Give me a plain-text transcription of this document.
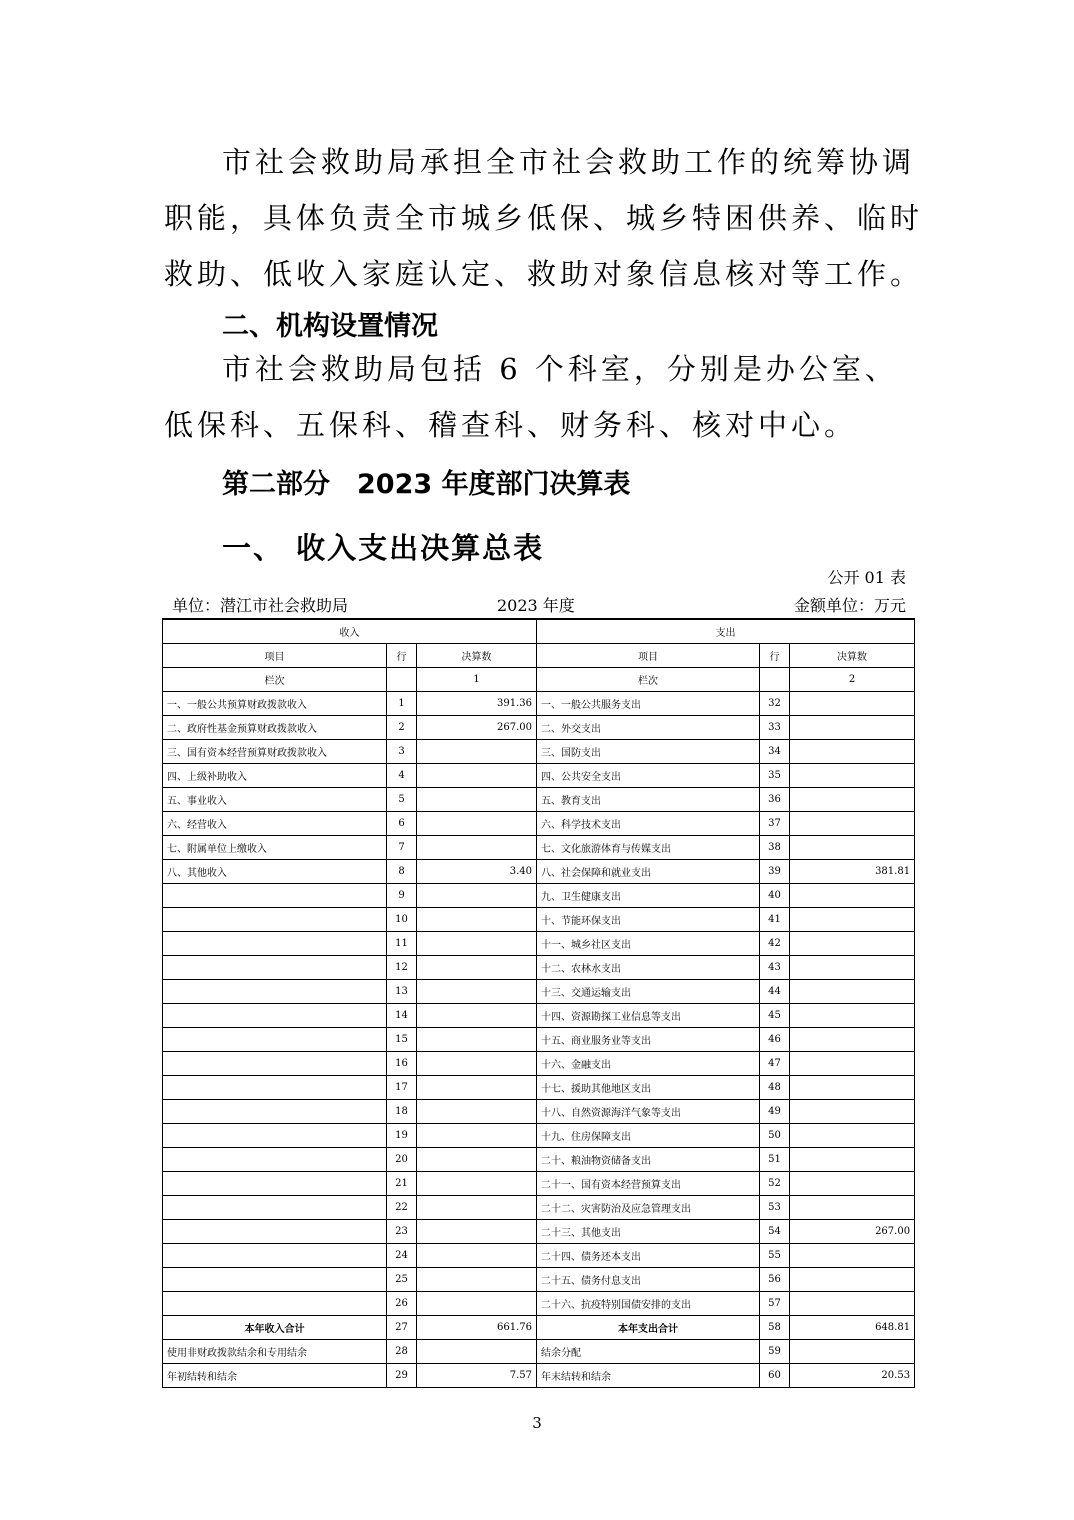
市社会救助局承担全市社会救助工作的统筹协调职能，具体负责全市城乡低保、城乡特困供养、临时救助、低收入家庭认定、救助对象信息核对等工作。
二、机构设置情况
市社会救助局包括 6 个科室，分别是办公室、低保科、五保科、稽查科、财务科、核对中心。
第二部分　2023 年度部门决算表
一、 收入支出决算总表
公开 01 表
单位：潜江市社会救助局	2023 年度	金额单位：万元
收入			支出		
项目	行	决算数	项目	行	决算数
栏次		1	栏次		2
一、一般公共预算财政拨款收入	1	391.36	一、一般公共服务支出	32	
二、政府性基金预算财政拨款收入	2	267.00	二、外交支出	33	
三、国有资本经营预算财政拨款收入	3		三、国防支出	34	
四、上级补助收入	4		四、公共安全支出	35	
五、事业收入	5		五、教育支出	36	
六、经营收入	6		六、科学技术支出	37	
七、附属单位上缴收入	7		七、文化旅游体育与传媒支出	38	
八、其他收入	8	3.40	八、社会保障和就业支出	39	381.81
	9		九、卫生健康支出	40	
	10		十、节能环保支出	41	
	11		十一、城乡社区支出	42	
	12		十二、农林水支出	43	
	13		十三、交通运输支出	44	
	14		十四、资源勘探工业信息等支出	45	
	15		十五、商业服务业等支出	46	
	16		十六、金融支出	47	
	17		十七、援助其他地区支出	48	
	18		十八、自然资源海洋气象等支出	49	
	19		十九、住房保障支出	50	
	20		二十、粮油物资储备支出	51	
	21		二十一、国有资本经营预算支出	52	
	22		二十二、灾害防治及应急管理支出	53	
	23		二十三、其他支出	54	267.00
	24		二十四、债务还本支出	55	
	25		二十五、债务付息支出	56	
	26		二十六、抗疫特别国债安排的支出	57	
本年收入合计	27	661.76	本年支出合计	58	648.81
使用非财政拨款结余和专用结余	28		结余分配	59	
年初结转和结余	29	7.57	年末结转和结余	60	20.53
3
